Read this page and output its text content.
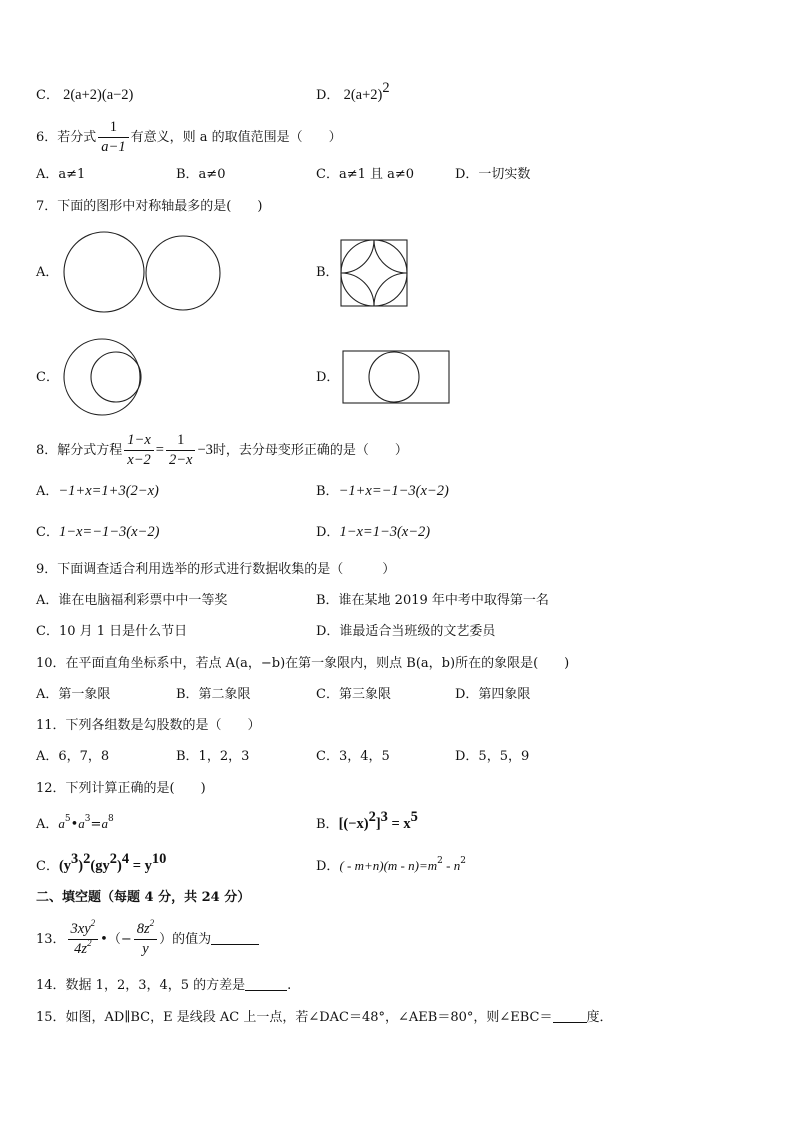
C． 2(a+2)(a−2)	D． $2(a+2)^2$
6．若分式 $\frac{1}{a-1}$ 有意义，则 a 的取值范围是（　　）
A．a≠1	B．a≠0	C．a≠1 且 a≠0	D．一切实数
7．下面的图形中对称轴最多的是(　　)
A．	B．
C．	D．
8．解分式方程 $\frac{1-x}{x-2} = \frac{1}{2-x} -3$时，去分母变形正确的是（　　）
A．−1+x=1+3(2−x)	B．−1+x=−1−3(x−2)
C．1−x=−1−3(x−2)	D．1−x=1−3(x−2)
9．下面调查适合利用选举的形式进行数据收集的是（　　　）
A．谁在电脑福利彩票中中一等奖	B．谁在某地 2019 年中考中取得第一名
C．10 月 1 日是什么节日	D．谁最适合当班级的文艺委员
10．在平面直角坐标系中，若点 A(a，−b)在第一象限内，则点 B(a，b)所在的象限是(　　)
A．第一象限	B．第二象限	C．第三象限	D．第四象限
11．下列各组数是勾股数的是（　　）
A．6，7，8	B．1，2，3	C．3，4，5	D．5，5，9
12．下列计算正确的是(　　)
A．$a^5•a^3=a^8$	B．$[(-x)^2]^3 = x^5$
C．$(y^3)^2(gy^2)^4 = y^{10}$	D．( - $m+n)(m - n)=m^2 - n^2$
二、填空题（每题 4 分，共 24 分）
13． $\frac{3xy^2}{4z^2}$ •（− $\frac{8z^2}{y}$ ）的值为
14．数据 1，2，3，4，5 的方差是	.
15．如图，AD∥BC，E 是线段 AC 上一点，若∠DAC＝48°，∠AEB＝80°，则∠EBC＝	度．
